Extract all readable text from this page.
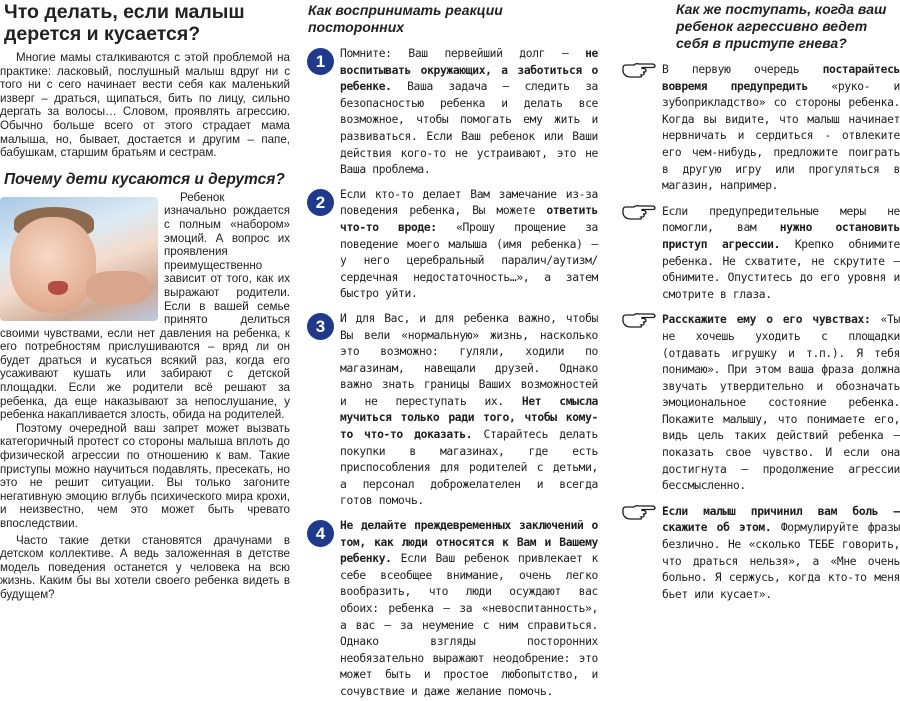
Что делать, если малыш дерется и кусается?

Многие мамы сталкиваются с этой проблемой на практике: ласковый, послушный малыш вдруг ни с того ни с сего начинает вести себя как маленький изверг – драться, щипаться, бить по лицу, сильно дергать за волосы… Словом, проявлять агрессию. Обычно больше всего от этого страдает мама малыша, но, бывает, достается и другим – папе, бабушкам, старшим братьям и сестрам.

Почему дети кусаются и дерутся?

Ребенок изначально рождается с полным «набором» эмоций. А вопрос их проявления преимущественно зависит от того, как их выражают родители. Если в вашей семье принято делиться своими чувствами, если нет давления на ребенка, к его потребностям прислушиваются – вряд ли он будет драться и кусаться всякий раз, когда его усаживают кушать или забирают с детской площадки. Если же родители всё решают за ребенка, да еще наказывают за непослушание, у ребенка накапливается злость, обида на родителей.

Поэтому очередной ваш запрет может вызвать категоричный протест со стороны малыша вплоть до физической агрессии по отношению к вам. Такие приступы можно научиться подавлять, пресекать, но это не решит ситуации. Вы только загоните негативную эмоцию вглубь психического мира крохи, и неизвестно, чем это может быть чревато впоследствии.

Часто такие детки становятся драчунами в детском коллективе. А ведь заложенная в детстве модель поведения останется у человека на всю жизнь. Каким бы вы хотели своего ребенка видеть в будущем?

Как воспринимать реакции посторонних
1	Помните: Ваш первейший долг – не воспитывать окружающих, а заботиться о ребенке. Ваша задача – следить за безопасностью ребенка и делать все возможное, чтобы помогать ему жить и развиваться. Если Ваш ребенок или Ваши действия кого-то не устраивают, это не Ваша проблема.

2	Если кто-то делает Вам замечание из-за поведения ребенка, Вы можете ответить что-то вроде: «Прошу прощение за поведение моего малыша (имя ребенка) – у него церебральный паралич/аутизм/ сердечная недостаточность…», а затем быстро уйти.

3	И для Вас, и для ребенка важно, чтобы Вы вели «нормальную» жизнь, насколько это возможно: гуляли, ходили по магазинам, навещали друзей. Однако важно знать границы Ваших возможностей и не переступать их. Нет смысла мучиться только ради того, чтобы кому-то что-то доказать. Старайтесь делать покупки в магазинах, где есть приспособления для родителей с детьми, а персонал доброжелателен и всегда готов помочь.

4	Не делайте преждевременных заключений о том, как люди относятся к Вам и Вашему ребенку. Если Ваш ребенок привлекает к себе всеобщее внимание, очень легко вообразить, что люди осуждают вас обоих: ребенка – за «невоспитанность», а вас – за неумение с ним справиться. Однако взгляды посторонних необязательно выражают неодобрение: это может быть и простое любопытство, и сочувствие и даже желание помочь.

Как же поступать, когда ваш ребенок агрессивно ведет себя в приступе гнева?

В первую очередь постарайтесь вовремя предупредить «руко- и зубоприкладство» со стороны ребенка. Когда вы видите, что малыш начинает нервничать и сердиться - отвлеките его чем-нибудь, предложите поиграть в другую игру или прогуляться в магазин, например.

Если предупредительные меры не помогли, вам нужно остановить приступ агрессии. Крепко обнимите ребенка. Не схватите, не скрутите – обнимите. Опуститесь до его уровня и смотрите в глаза.

Расскажите ему о его чувствах: «Ты не хочешь уходить с площадки (отдавать игрушку и т.п.). Я тебя понимаю». При этом ваша фраза должна звучать утвердительно и обозначать эмоциональное состояние ребенка. Покажите малышу, что понимаете его, видь цель таких действий ребенка – показать свое чувство. И если она достигнута – продолжение агрессии бессмысленно.

Если малыш причинил вам боль – скажите об этом. Формулируйте фразы безлично. Не «сколько ТЕБЕ говорить, что драться нельзя», а «Мне очень больно. Я сержусь, когда кто-то меня бьет или кусает».
